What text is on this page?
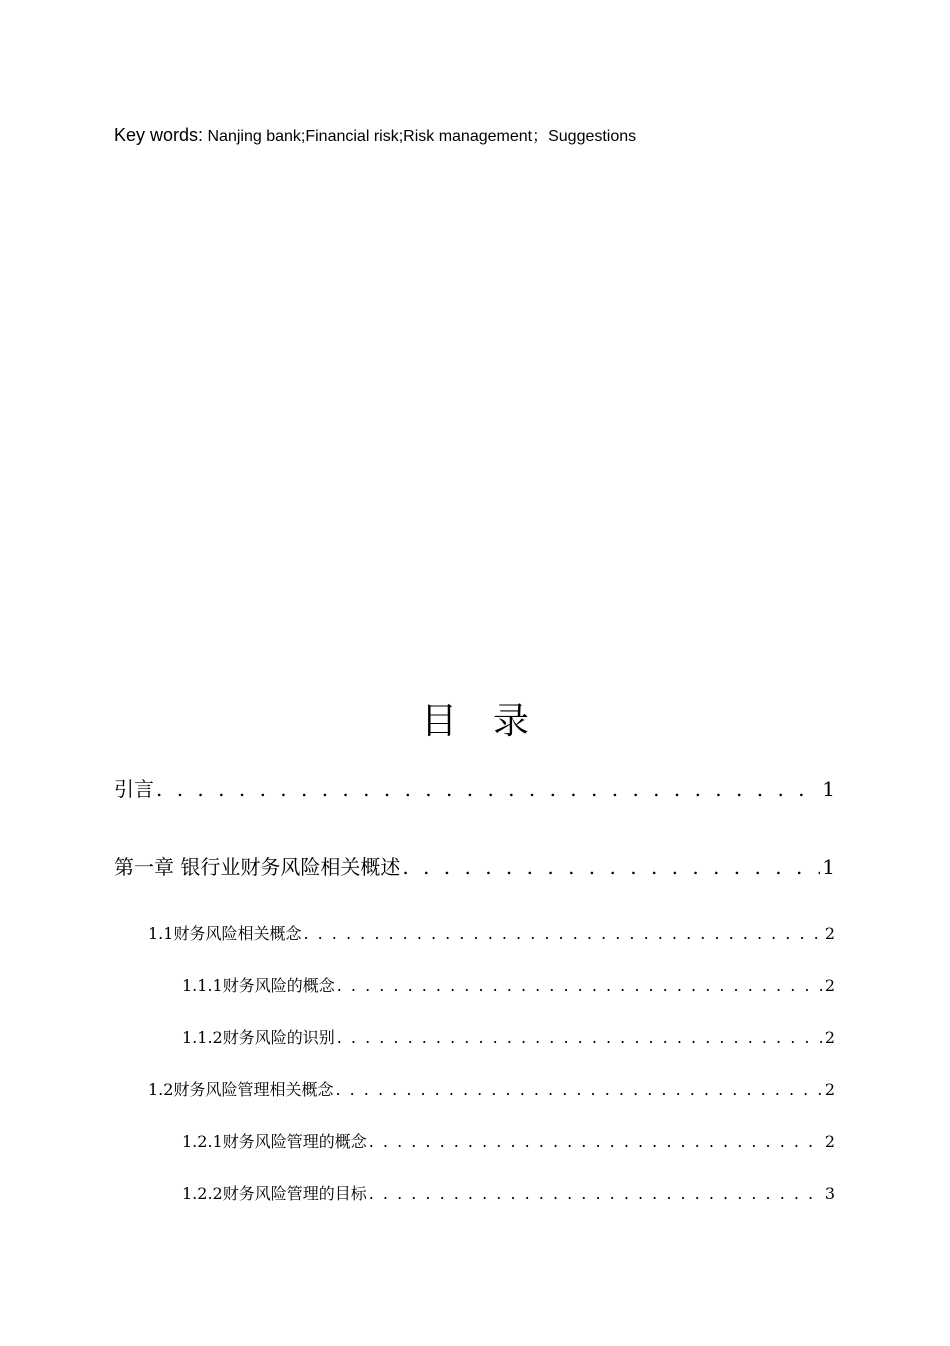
Key words: Nanjing bank;Financial risk;Risk management；Suggestions
目录
引言 . . .	1
第一章 银行业财务风险相关概述 . . .	1
1.1财务风险相关概念 . . .	2
1.1.1财务风险的概念 . . .	2
1.1.2财务风险的识别 . . .	2
1.2财务风险管理相关概念 . . .	2
1.2.1财务风险管理的概念 . . .	2
1.2.2财务风险管理的目标 . . .	3
